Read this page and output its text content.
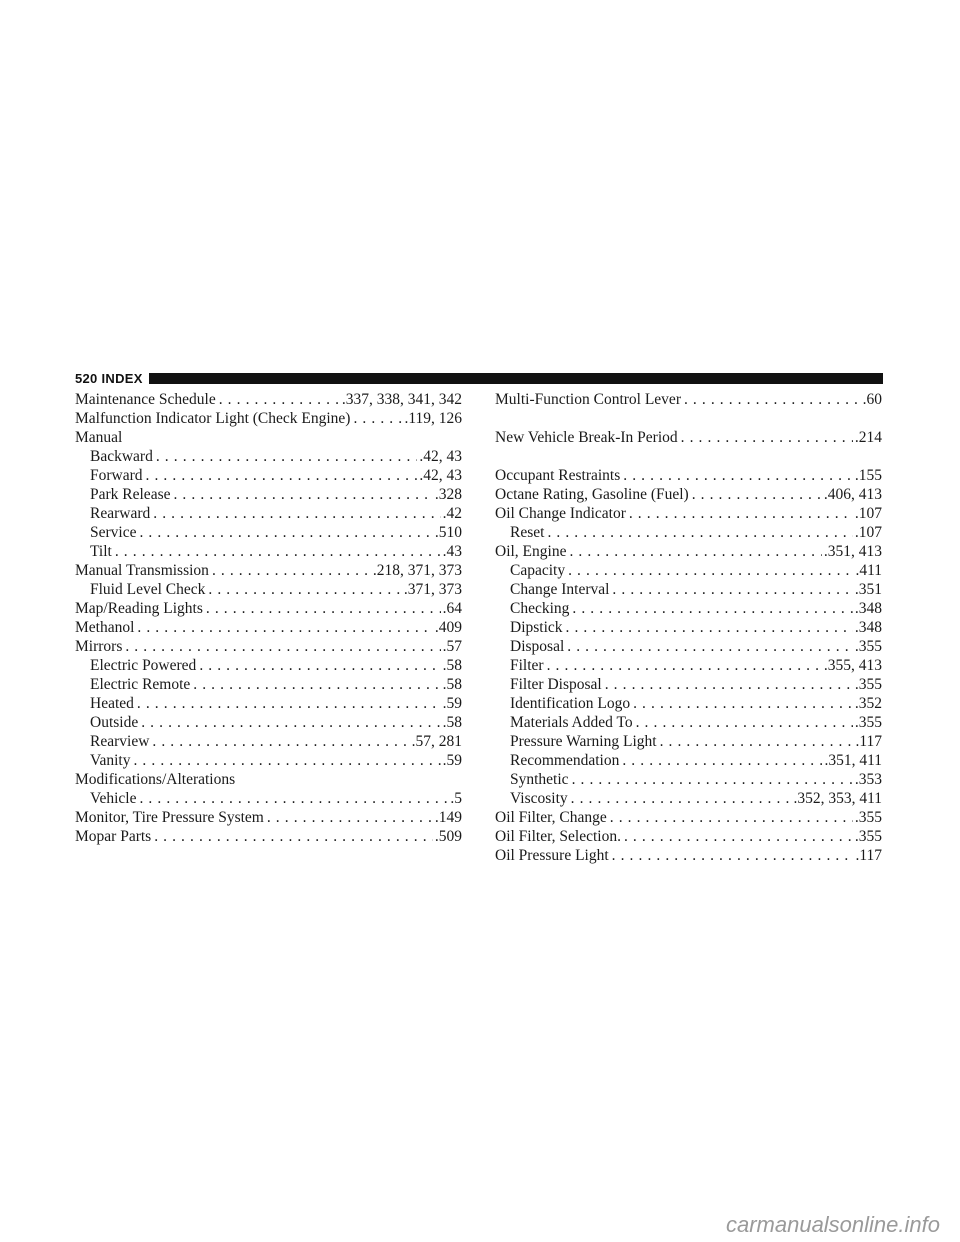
520 INDEX
Maintenance Schedule . . .	.337, 338, 341, 342
Malfunction Indicator Light (Check Engine) . . .	.119, 126
Manual
Backward . . .	.42, 43
Forward . . .	.42, 43
Park Release . . .	.328
Rearward . . .	.42
Service . . .	.510
Tilt . . .	.43
Manual Transmission . . .	.218, 371, 373
Fluid Level Check . . .	.371, 373
Map/Reading Lights . . .	.64
Methanol . . .	.409
Mirrors . . .	.57
Electric Powered . . .	.58
Electric Remote . . .	.58
Heated . . .	.59
Outside . . .	.58
Rearview . . .	.57, 281
Vanity . . .	.59
Modifications/Alterations
Vehicle . . .	.5
Monitor, Tire Pressure System . . .	.149
Mopar Parts . . .	.509
Multi-Function Control Lever . . .	.60
New Vehicle Break-In Period . . .	.214
Occupant Restraints . . .	.155
Octane Rating, Gasoline (Fuel) . . .	.406, 413
Oil Change Indicator . . .	.107
Reset . . .	.107
Oil, Engine . . .	.351, 413
Capacity . . .	.411
Change Interval . . .	.351
Checking . . .	.348
Dipstick . . .	.348
Disposal . . .	.355
Filter . . .	.355, 413
Filter Disposal . . .	.355
Identification Logo . . .	.352
Materials Added To . . .	.355
Pressure Warning Light . . .	.117
Recommendation . . .	.351, 411
Synthetic . . .	.353
Viscosity . . .	.352, 353, 411
Oil Filter, Change . . .	.355
Oil Filter, Selection. . . .	.355
Oil Pressure Light . . .	.117
carmanualsonline.info
